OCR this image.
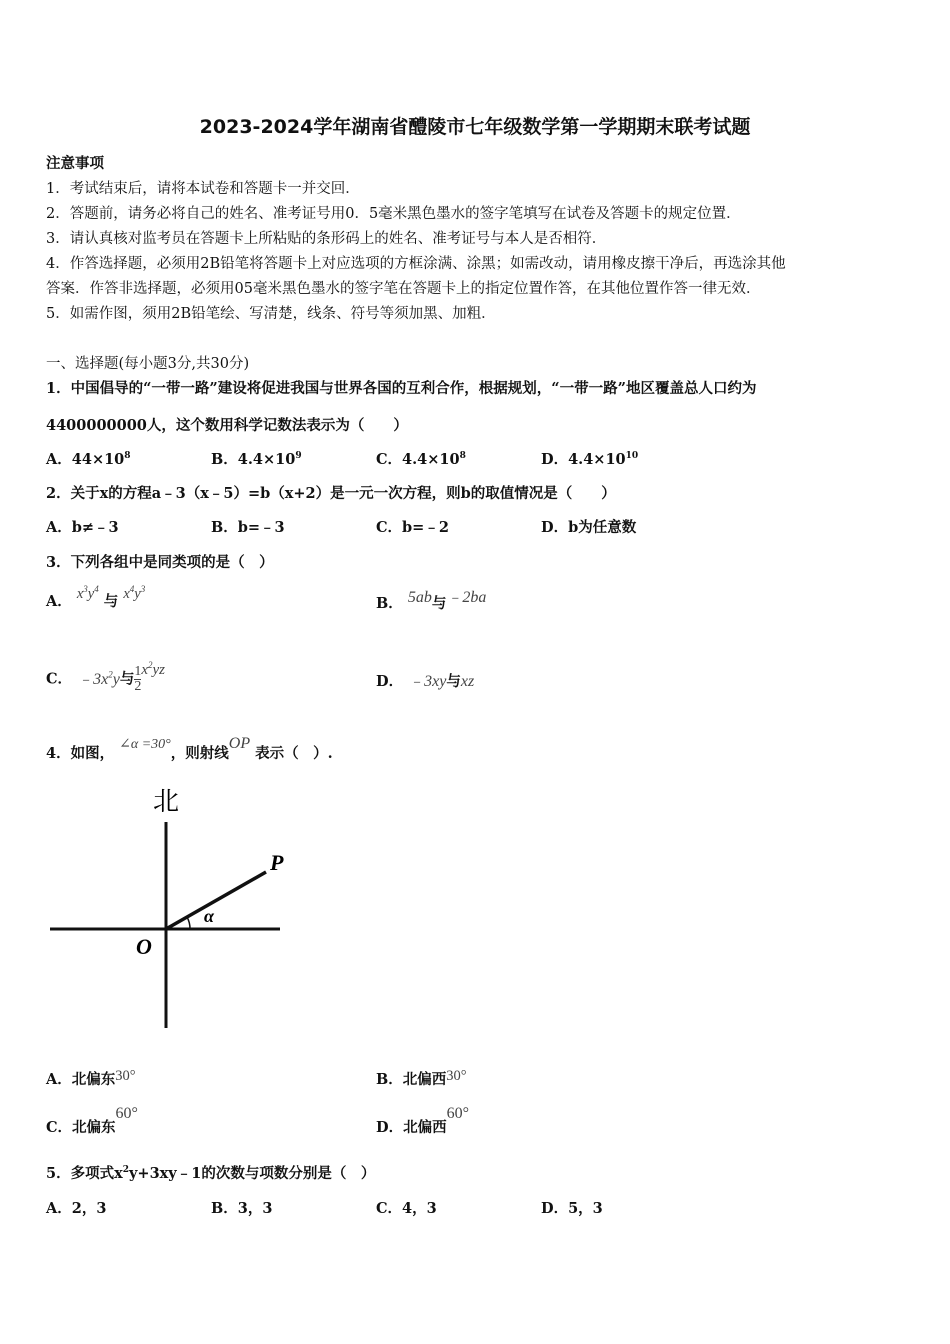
2023-2024学年湖南省醴陵市七年级数学第一学期期末联考试题
注意事项
1．考试结束后，请将本试卷和答题卡一并交回．
2．答题前，请务必将自己的姓名、准考证号用0．5毫米黑色墨水的签字笔填写在试卷及答题卡的规定位置．
3．请认真核对监考员在答题卡上所粘贴的条形码上的姓名、准考证号与本人是否相符．
4．作答选择题，必须用2B铅笔将答题卡上对应选项的方框涂满、涂黑；如需改动，请用橡皮擦干净后，再选涂其他
答案．作答非选择题，必须用05毫米黑色墨水的签字笔在答题卡上的指定位置作答，在其他位置作答一律无效．
5．如需作图，须用2B铅笔绘、写清楚，线条、符号等须加黑、加粗．
一、选择题(每小题3分,共30分)
1．中国倡导的“一带一路”建设将促进我国与世界各国的互利合作，根据规划，“一带一路”地区覆盖总人口约为
4400000000人，这个数用科学记数法表示为（　　）
A．$44\times 10^8$	B．$4.4\times 10^9$	C．$4.4\times 10^8$	D．$4.4\times 10^{10}$
2．关于x的方程a﹣3（x﹣5）=b（x+2）是一元一次方程，则b的取值情况是（　　）
A．b≠﹣3	B．b=﹣3	C．b=﹣2	D．b为任意数
3．下列各组中是同类项的是（　）
A． $x^3y^4$ 与 $x^4y^3$
B． 5ab与﹣2ba
C． $﹣3x^2y$与 $\frac{1}{2} x^2yz$
D． ﹣3xy与xz
4．如图， ∠α =30°，则射线OP 表示（　）.
北
O
P
α
A．北偏东30°	B．北偏西30°
C．北偏东60°
D．北偏西60°
5．多项式$x^2y+3xy﹣1$的次数与项数分别是（　）
A．2，3	B．3，3	C．4，3	D．5，3
